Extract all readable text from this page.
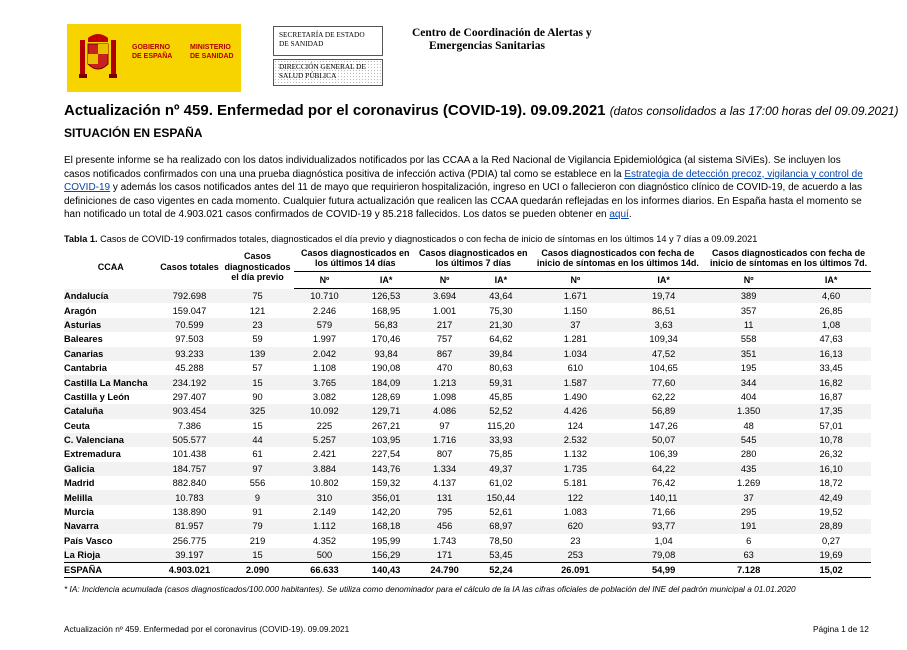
GOBIERNO
DE ESPAÑA
MINISTERIO
DE SANIDAD
SECRETARÍA DE ESTADO
DE SANIDAD
DIRECCIÓN GENERAL DE
SALUD PÚBLICA
Centro de Coordinación de Alertas y
Emergencias Sanitarias
Actualización nº 459. Enfermedad por el coronavirus (COVID-19). 09.09.2021 (datos consolidados a las 17:00 horas del 09.09.2021)
SITUACIÓN EN ESPAÑA
El presente informe se ha realizado con los datos individualizados notificados por las CCAA a la Red Nacional de Vigilancia Epidemiológica (al sistema SiViEs). Se incluyen los casos notificados confirmados con una una prueba diagnóstica positiva de infección activa (PDIA) tal como se establece en la Estrategia de detección precoz, vigilancia y control de COVID-19 y además los casos notificados antes del 11 de mayo que requirieron hospitalización, ingreso en UCI o fallecieron con diagnóstico clínico de COVID-19, de acuerdo a las definiciones de caso vigentes en cada momento. Cualquier futura actualización que realicen las CCAA quedarán reflejadas en los informes diarios. En España hasta el momento se han notificado un total de 4.903.021 casos confirmados de COVID-19 y 85.218 fallecidos. Los datos se pueden obtener en aquí.
Tabla 1. Casos de COVID-19 confirmados totales, diagnosticados el día previo y diagnosticados o con fecha de inicio de síntomas en los últimos 14 y 7 días a 09.09.2021
CCAA	Casos totales	Casos diagnosticados el día previo	Casos diagnosticados en los últimos 14 días		Casos diagnosticados en los últimos 7 días		Casos diagnosticados con fecha de inicio de síntomas en los últimos 14d.		Casos diagnosticados con fecha de inicio de síntomas en los últimos 7d.	
			Nº	IA*	Nº	IA*	Nº	IA*	Nº	IA*
Andalucía	792.698	75	10.710	126,53	3.694	43,64	1.671	19,74	389	4,60
Aragón	159.047	121	2.246	168,95	1.001	75,30	1.150	86,51	357	26,85
Asturias	70.599	23	579	56,83	217	21,30	37	3,63	11	1,08
Baleares	97.503	59	1.997	170,46	757	64,62	1.281	109,34	558	47,63
Canarias	93.233	139	2.042	93,84	867	39,84	1.034	47,52	351	16,13
Cantabria	45.288	57	1.108	190,08	470	80,63	610	104,65	195	33,45
Castilla La Mancha	234.192	15	3.765	184,09	1.213	59,31	1.587	77,60	344	16,82
Castilla y León	297.407	90	3.082	128,69	1.098	45,85	1.490	62,22	404	16,87
Cataluña	903.454	325	10.092	129,71	4.086	52,52	4.426	56,89	1.350	17,35
Ceuta	7.386	15	225	267,21	97	115,20	124	147,26	48	57,01
C. Valenciana	505.577	44	5.257	103,95	1.716	33,93	2.532	50,07	545	10,78
Extremadura	101.438	61	2.421	227,54	807	75,85	1.132	106,39	280	26,32
Galicia	184.757	97	3.884	143,76	1.334	49,37	1.735	64,22	435	16,10
Madrid	882.840	556	10.802	159,32	4.137	61,02	5.181	76,42	1.269	18,72
Melilla	10.783	9	310	356,01	131	150,44	122	140,11	37	42,49
Murcia	138.890	91	2.149	142,20	795	52,61	1.083	71,66	295	19,52
Navarra	81.957	79	1.112	168,18	456	68,97	620	93,77	191	28,89
País Vasco	256.775	219	4.352	195,99	1.743	78,50	23	1,04	6	0,27
La Rioja	39.197	15	500	156,29	171	53,45	253	79,08	63	19,69
ESPAÑA	4.903.021	2.090	66.633	140,43	24.790	52,24	26.091	54,99	7.128	15,02
* IA: Incidencia acumulada (casos diagnosticados/100.000 habitantes). Se utiliza como denominador para el cálculo de la IA las cifras oficiales de población del INE del padrón municipal a 01.01.2020
Actualización nº 459. Enfermedad por el coronavirus (COVID-19). 09.09.2021	Página 1 de 12
